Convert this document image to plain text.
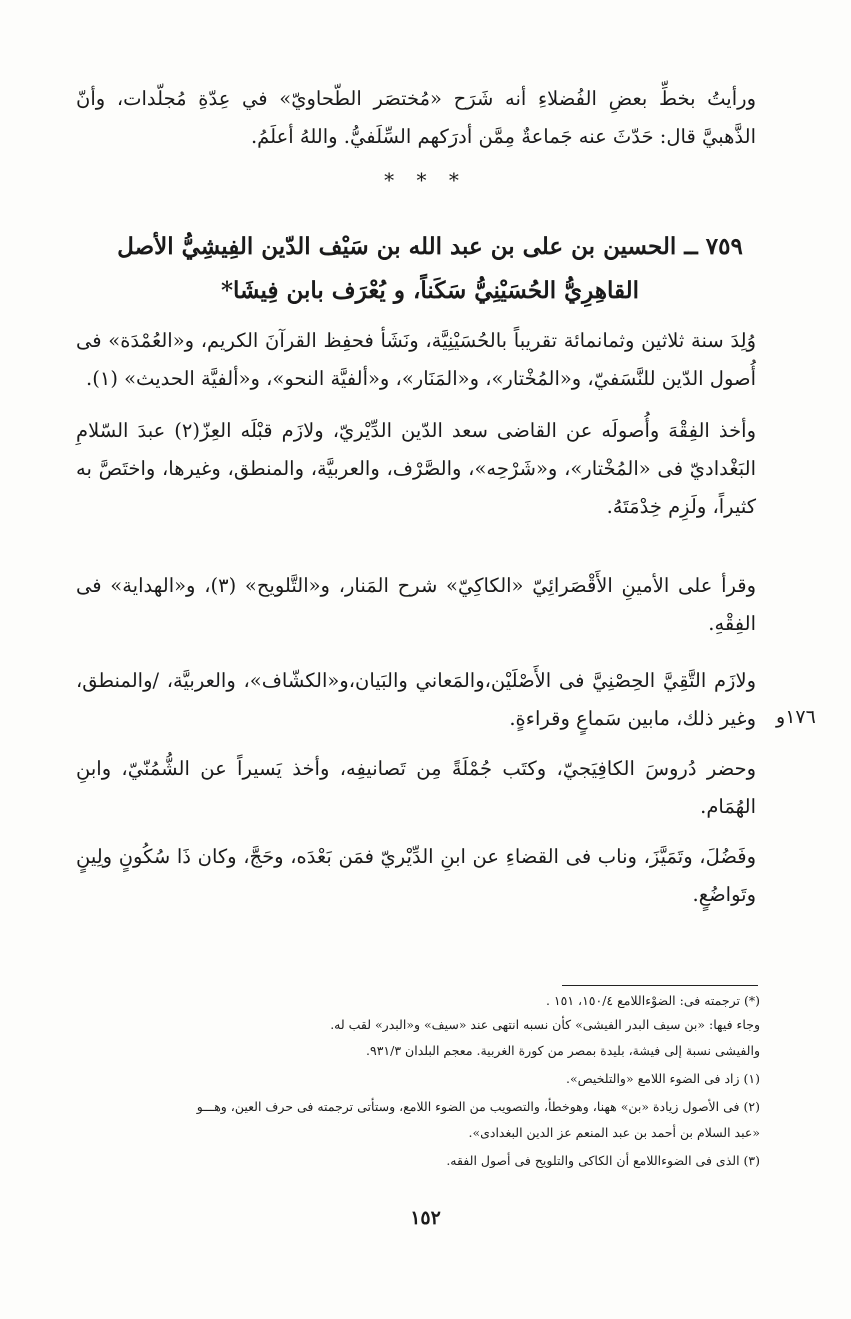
ورأيتُ بخطِّ بعضِ الفُضلاءِ أنه شَرَح «مُختصَر الطّحاويّ» في عِدّةِ مُجلّدات، وأنّ الذَّهبيَّ قال: حَدّثَ عنه جَماعةٌ مِمَّن أدرَكهم السِّلَفيُّ. واللهُ أعلَمُ.
* * *
٧٥٩ ــ الحسين بن على بن عبد الله بن سَيْف الدّين الفِيشِيُّ الأصل القاهِرِيُّ الحُسَيْنِيُّ سَكَناً، و يُعْرَف بابن فِيشَا*
وُلِدَ سنة ثلاثين وثمانمائة تقريباً بالحُسَيْنِيَّة، ونَشَأ فحفِظ القرآنَ الكريم، و«العُمْدَة» فى أُصول الدّين للنَّسَفيّ، و«المُخْتار»، و«المَنَار»، و«ألفيَّة النحو»، و«ألفيَّة الحديث» (١).
وأخذ الفِقْهَ وأُصولَه عن القاضى سعد الدّين الدِّيْريّ، ولازَم قبْلَه العِزّ(٢) عبدَ السّلامِ البَغْداديّ فى «المُخْتار»، و«شَرْحِه»، والصَّرْف، والعربيَّة، والمنطق، وغيرها، واختَصَّ به كثيراً، ولَزِم خِدْمَتَهُ.
وقرأ على الأمينِ الأَقْصَرائِيّ «الكاكِيّ» شرح المَنار، و«التَّلويح» (٣)، و«الهداية» فى الفِقْهِ.
ولازَم التَّقِيَّ الحِصْنِيَّ فى الأَصْلَيْن،والمَعاني والبَيان،و«الكشّاف»، والعربيَّة، /والمنطق، وغير ذلك، مابين سَماعٍ وقراءةٍ. ١٧٦و
وحضر دُروسَ الكافِيَجيّ، وكتَب جُمْلَةً مِن تَصانيفِه، وأخذ يَسيراً عن الشُّمُنّيّ، وابنِ الهُمَام.
وفَضُلَ، وتَمَيَّزَ، وناب فى القضاءِ عن ابنِ الدِّيْريّ فمَن بَعْدَه، وحَجَّ، وكان ذَا سُكُونٍ ولِينٍ وتَواضُعٍ.
(*) ترجمته فى: الضوْءاللامع ١٥٠/٤، ١٥١ .
وجاء فيها: «بن سيف البدر الفيشى» كأن نسبه انتهى عند «سيف» و«البدر» لقب له.
والفيشى نسبة إلى فيشة، بليدة بمصر من كورة الغربية. معجم البلدان ٩٣١/٣.
(١) زاد فى الضوء اللامع «والتلخيص».
(٢) فى الأصول زيادة «بن» ههنا، وهوخطأ، والتصويب من الضوء اللامع، وستأتى ترجمته فى حرف العين، وهـــو
«عبد السلام بن أحمد بن عبد المنعم عز الدين البغدادى».
(٣) الذى فى الضوءاللامع أن الكاكى والتلويح فى أصول الفقه.
١٥٢
